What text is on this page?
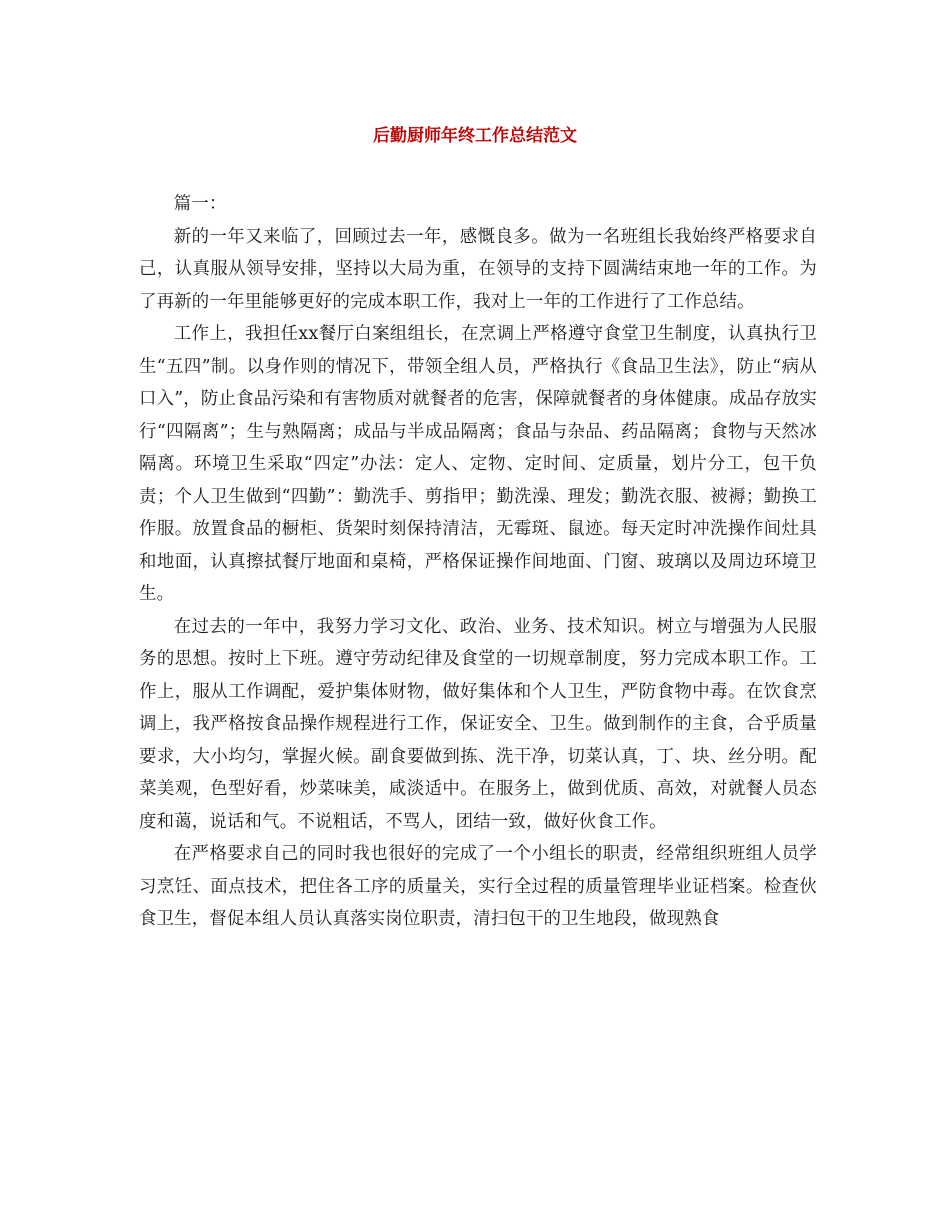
后勤厨师年终工作总结范文

篇一：

新的一年又来临了，回顾过去一年，感慨良多。做为一名班组长我始终严格要求自己，认真服从领导安排，坚持以大局为重，在领导的支持下圆满结束地一年的工作。为了再新的一年里能够更好的完成本职工作，我对上一年的工作进行了工作总结。

工作上，我担任xx餐厅白案组组长，在烹调上严格遵守食堂卫生制度，认真执行卫生“五四”制。以身作则的情况下，带领全组人员，严格执行《食品卫生法》，防止“病从口入”，防止食品污染和有害物质对就餐者的危害，保障就餐者的身体健康。成品存放实行“四隔离”；生与熟隔离；成品与半成品隔离；食品与杂品、药品隔离；食物与天然冰隔离。环境卫生采取“四定”办法：定人、定物、定时间、定质量，划片分工，包干负责；个人卫生做到“四勤”：勤洗手、剪指甲；勤洗澡、理发；勤洗衣服、被褥；勤换工作服。放置食品的橱柜、货架时刻保持清洁，无霉斑、鼠迹。每天定时冲洗操作间灶具和地面，认真擦拭餐厅地面和桌椅，严格保证操作间地面、门窗、玻璃以及周边环境卫生。

在过去的一年中，我努力学习文化、政治、业务、技术知识。树立与增强为人民服务的思想。按时上下班。遵守劳动纪律及食堂的一切规章制度，努力完成本职工作。工作上，服从工作调配，爱护集体财物，做好集体和个人卫生，严防食物中毒。在饮食烹调上，我严格按食品操作规程进行工作，保证安全、卫生。做到制作的主食，合乎质量要求，大小均匀，掌握火候。副食要做到拣、洗干净，切菜认真，丁、块、丝分明。配菜美观，色型好看，炒菜味美，咸淡适中。在服务上，做到优质、高效，对就餐人员态度和蔼，说话和气。不说粗话，不骂人，团结一致，做好伙食工作。

在严格要求自己的同时我也很好的完成了一个小组长的职责，经常组织班组人员学习烹饪、面点技术，把住各工序的质量关，实行全过程的质量管理毕业证档案。检查伙食卫生，督促本组人员认真落实岗位职责，清扫包干的卫生地段，做现熟食
